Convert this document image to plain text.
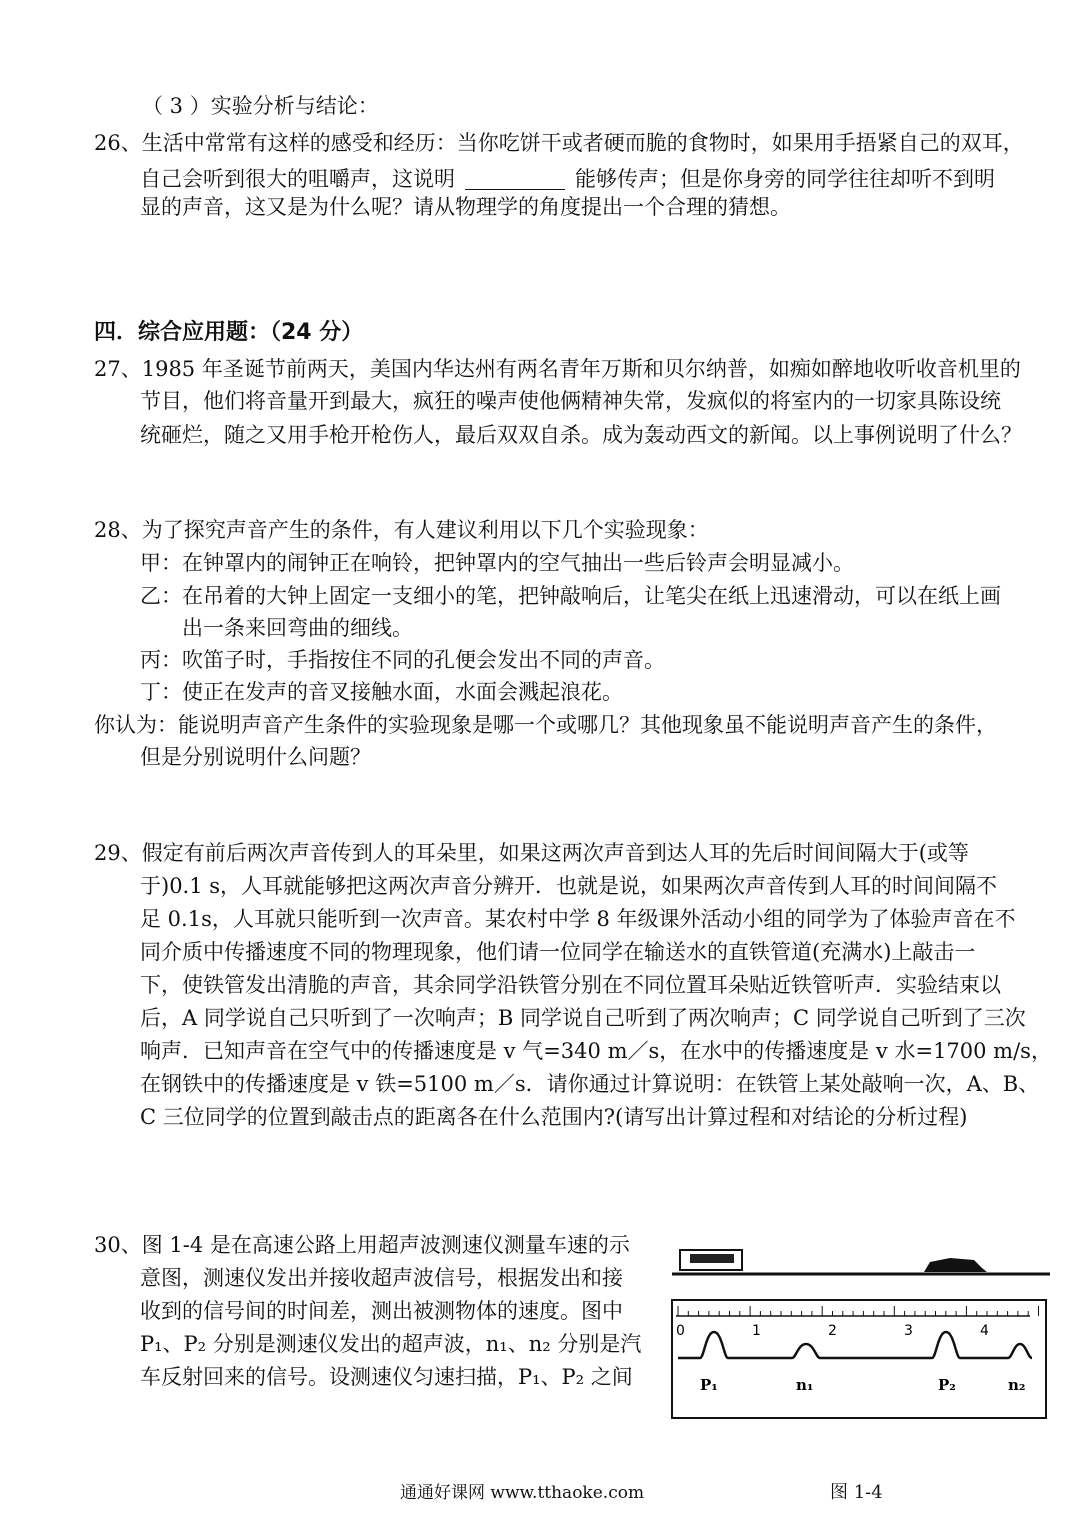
（ 3 ）实验分析与结论：
26、生活中常常有这样的感受和经历：当你吃饼干或者硬而脆的食物时，如果用手捂紧自己的双耳，
自己会听到很大的咀嚼声，这说明	能够传声；但是你身旁的同学往往却听不到明
显的声音，这又是为什么呢？请从物理学的角度提出一个合理的猜想。
四．综合应用题：（24 分）
27、1985 年圣诞节前两天，美国内华达州有两名青年万斯和贝尔纳普，如痴如醉地收听收音机里的
节目，他们将音量开到最大，疯狂的噪声使他俩精神失常，发疯似的将室内的一切家具陈设统
统砸烂，随之又用手枪开枪伤人，最后双双自杀。成为轰动西文的新闻。以上事例说明了什么？
28、为了探究声音产生的条件，有人建议利用以下几个实验现象：
甲：在钟罩内的闹钟正在响铃，把钟罩内的空气抽出一些后铃声会明显减小。
乙：在吊着的大钟上固定一支细小的笔，把钟敲响后，让笔尖在纸上迅速滑动，可以在纸上画
出一条来回弯曲的细线。
丙：吹笛子时，手指按住不同的孔便会发出不同的声音。
丁：使正在发声的音叉接触水面，水面会溅起浪花。
你认为：能说明声音产生条件的实验现象是哪一个或哪几？其他现象虽不能说明声音产生的条件，
但是分别说明什么问题？
29、假定有前后两次声音传到人的耳朵里，如果这两次声音到达人耳的先后时间间隔大于(或等
于)0.1 s，人耳就能够把这两次声音分辨开．也就是说，如果两次声音传到人耳的时间间隔不
足 0.1s，人耳就只能听到一次声音。某农村中学 8 年级课外活动小组的同学为了体验声音在不
同介质中传播速度不同的物理现象，他们请一位同学在输送水的直铁管道(充满水)上敲击一
下，使铁管发出清脆的声音，其余同学沿铁管分别在不同位置耳朵贴近铁管听声．实验结束以
后，A 同学说自己只听到了一次响声；B 同学说自己听到了两次响声；C 同学说自己听到了三次
响声．已知声音在空气中的传播速度是 v 气=340 m／s，在水中的传播速度是 v 水=1700 m/s，
在钢铁中的传播速度是 v 铁=5100 m／s．请你通过计算说明：在铁管上某处敲响一次，A、B、
C 三位同学的位置到敲击点的距离各在什么范围内?(请写出计算过程和对结论的分析过程)
30、图 1-4 是在高速公路上用超声波测速仪测量车速的示
意图，测速仪发出并接收超声波信号，根据发出和接
收到的信号间的时间差，测出被测物体的速度。图中
P₁、P₂ 分别是测速仪发出的超声波，n₁、n₂ 分别是汽
车反射回来的信号。设测速仪匀速扫描，P₁、P₂ 之间
0	1	2	3	4
P₁	n₁	P₂	n₂
通通好课网 www.tthaoke.com	图 1-4
